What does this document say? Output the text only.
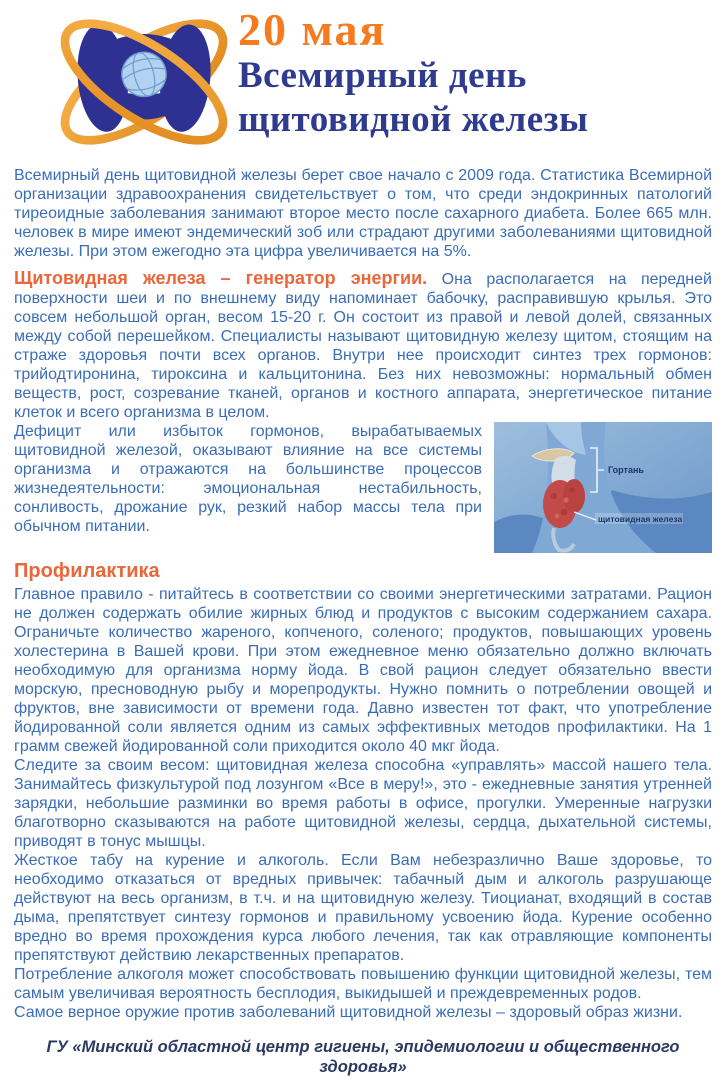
20 мая
Всемирный день
щитовидной железы

Всемирный день щитовидной железы берет свое начало с 2009 года. Статистика Всемирной организации здравоохранения свидетельствует о том, что среди эндокринных патологий тиреоидные заболевания занимают второе место после сахарного диабета. Более 665 млн. человек в мире имеют эндемический зоб или страдают другими заболеваниями щитовидной железы. При этом ежегодно эта цифра увеличивается на 5%.

Щитовидная железа – генератор энергии. Она располагается на передней поверхности шеи и по внешнему виду напоминает бабочку, расправившую крылья. Это совсем небольшой орган, весом 15-20 г. Он состоит из правой и левой долей, связанных между собой перешейком. Специалисты называют щитовидную железу щитом, стоящим на страже здоровья почти всех органов. Внутри нее происходит синтез трех гормонов: трийодтиронина, тироксина и кальцитонина. Без них невозможны: нормальный обмен веществ, рост, созревание тканей, органов и костного аппарата, энергетическое питание клеток и всего организма в целом.

Гортань
щитовидная железа

Дефицит или избыток гормонов, вырабатываемых щитовидной железой, оказывают влияние на все системы организма и отражаются на большинстве процессов жизнедеятельности: эмоциональная нестабильность, сонливость, дрожание рук, резкий набор массы тела при обычном питании.

Профилактика

Главное правило - питайтесь в соответствии со своими энергетическими затратами. Рацион не должен содержать обилие жирных блюд и продуктов с высоким содержанием сахара. Ограничьте количество жареного, копченого, соленого; продуктов, повышающих уровень холестерина в Вашей крови. При этом ежедневное меню обязательно должно включать необходимую для организма норму йода. В свой рацион следует обязательно ввести морскую, пресноводную рыбу и морепродукты. Нужно помнить о потреблении овощей и фруктов, вне зависимости от времени года. Давно известен тот факт, что употребление йодированной соли является одним из самых эффективных методов профилактики. На 1 грамм свежей йодированной соли приходится около 40 мкг йода.

Следите за своим весом: щитовидная железа способна «управлять» массой нашего тела. Занимайтесь физкультурой под лозунгом «Все в меру!», это - ежедневные занятия утренней зарядки, небольшие разминки во время работы в офисе, прогулки. Умеренные нагрузки благотворно сказываются на работе щитовидной железы, сердца, дыхательной системы, приводят в тонус мышцы.

Жесткое табу на курение и алкоголь. Если Вам небезразлично Ваше здоровье, то необходимо отказаться от вредных привычек: табачный дым и алкоголь разрушающе действуют на весь организм, в т.ч. и на щитовидную железу. Тиоцианат, входящий в состав дыма, препятствует синтезу гормонов и правильному усвоению йода. Курение особенно вредно во время прохождения курса любого лечения, так как отравляющие компоненты препятствуют действию лекарственных препаратов.

Потребление алкоголя может способствовать повышению функции щитовидной железы, тем самым увеличивая вероятность бесплодия, выкидышей и преждевременных родов.

Самое верное оружие против заболеваний щитовидной железы – здоровый образ жизни.

ГУ «Минский областной центр гигиены, эпидемиологии и общественного здоровья»
